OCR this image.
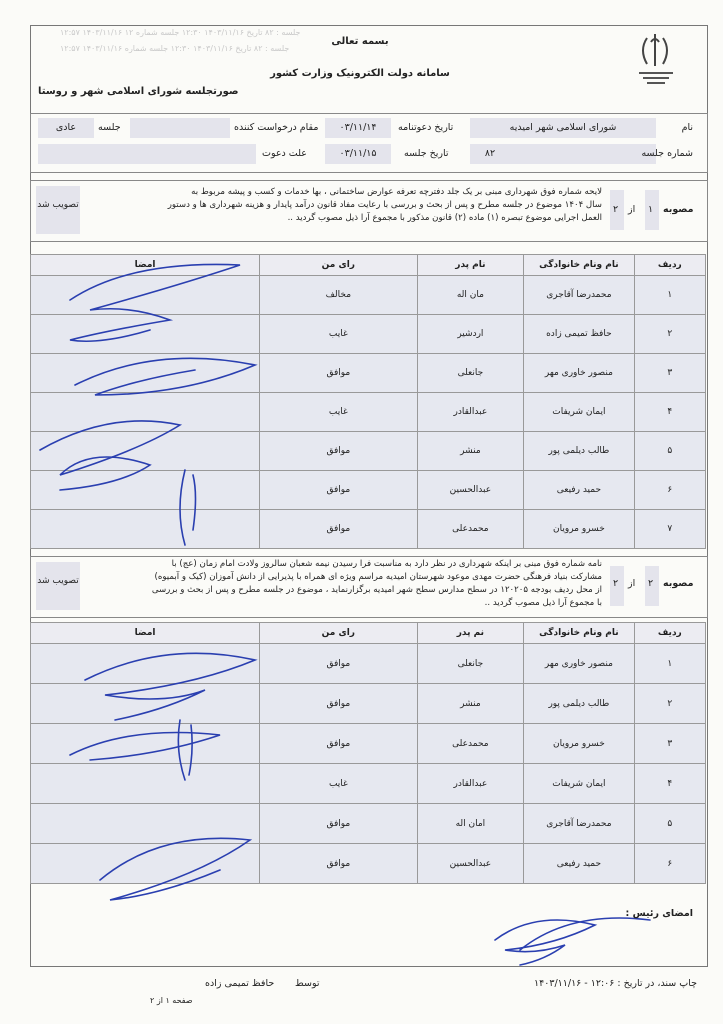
جلسه : ۸۲ تاریخ ۱۴۰۳/۱۱/۱۶ ۱۲:۳۰ جلسه شماره ۱۲ ۱۴۰۳/۱۱/۱۶ ۱۲:۵۷
جلسه : ۸۲ تاریخ ۱۴۰۳/۱۱/۱۶ ۱۲:۳۰ جلسه شماره ۱۴۰۳/۱۱/۱۶ ۱۲:۵۷
بسمه تعالی
سامانه دولت الکترونیک وزارت کشور
صورتجلسه شورای اسلامی شهر و روستا
نام
شورای اسلامی شهر امیدیه
تاریخ دعوتنامه
۰۳/۱۱/۱۴
مقام درخواست کننده
جلسه
عادی
شماره جلسه
۸۲
تاریخ جلسه
۰۳/۱۱/۱۵
علت دعوت
مصوبه
۱
از
۲
تصویب شد
لایحه شماره فوق شهرداری مبنی بر یک جلد دفترچه تعرفه عوارض ساختمانی ، بها خدمات و کسب و پیشه مربوط به
سال ۱۴۰۴ موضوع در جلسه مطرح و پس از بحث و بررسی با رعایت مفاد قانون درآمد پایدار و هزینه شهرداری ها و دستور
العمل اجرایی موضوع تبصره (۱) ماده (۲) قانون مذکور با مجموع آرا ذیل مصوب گردید ..
ردیف	نام ونام خانوادگی	نام پدر	رای من	امضا
۱	محمدرضا آقاجری	مان اله	مخالف	
۲	حافظ تمیمی زاده	اردشیر	غایب	
۳	منصور خاوری مهر	جانعلی	موافق	
۴	ایمان شریفات	عبدالقادر	غایب	
۵	طالب دیلمی پور	منشر	موافق	
۶	حمید رفیعی	عبدالحسین	موافق	
۷	خسرو مرویان	محمدعلی	موافق	
مصوبه
۲
از
۲
تصویب شد
نامه شماره فوق مبنی بر اینکه شهرداری در نظر دارد به مناسبت فرا رسیدن نیمه شعبان سالروز ولادت امام زمان (عج) با
مشارکت بنیاد فرهنگی حضرت مهدی موعود شهرستان امیدیه مراسم ویژه ای همراه با پذیرایی از دانش آموزان (کیک و آبمیوه)
از محل ردیف بودجه ۱۲۰۲۰۵ در سطح مدارس سطح شهر امیدیه برگزارنماید ، موضوع در جلسه مطرح و پس از بحث و بررسی
با مجموع آرا ذیل مصوب گردید ..
ردیف	نام ونام خانوادگی	نم پدر	رای من	امضا
۱	منصور خاوری مهر	جانعلی	موافق	
۲	طالب دیلمی پور	منشر	موافق	
۳	خسرو مرویان	محمدعلی	موافق	
۴	ایمان شریفات	عبدالقادر	غایب	
۵	محمدرضا آقاجری	امان اله	موافق	
۶	حمید رفیعی	عبدالحسین	موافق	
امضای رئیس :
چاپ سند، در تاریخ : ۱۲:۰۶ - ۱۴۰۳/۱۱/۱۶
توسط
حافظ تمیمی زاده
صفحه ۱ از ۲
